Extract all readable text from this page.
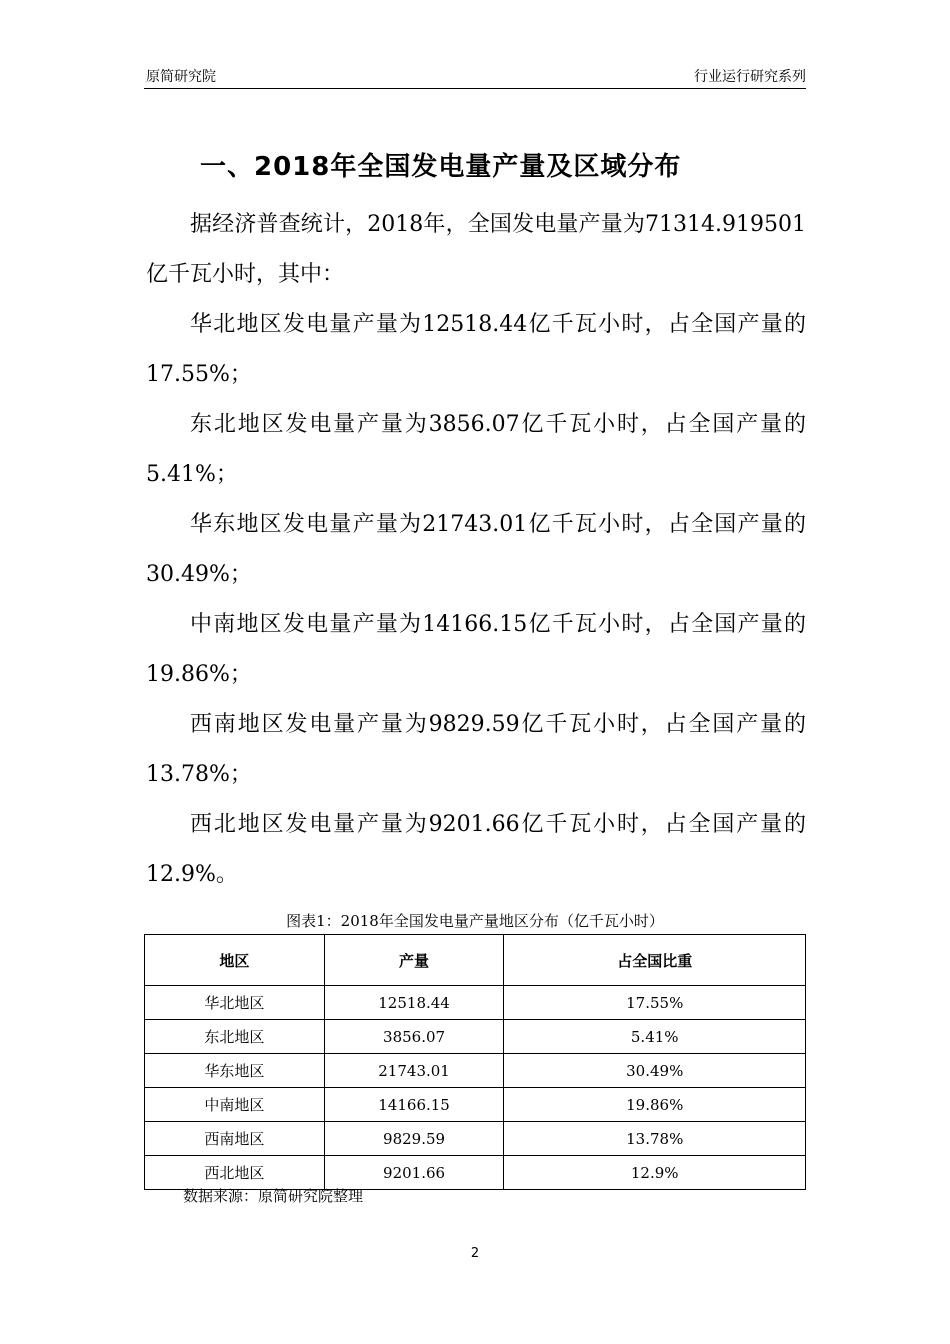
原简研究院	行业运行研究系列
一、2018年全国发电量产量及区域分布

据经济普查统计，2018年，全国发电量产量为71314.919501亿千瓦小时，其中：

华北地区发电量产量为12518.44亿千瓦小时，占全国产量的17.55%；

东北地区发电量产量为3856.07亿千瓦小时，占全国产量的5.41%；

华东地区发电量产量为21743.01亿千瓦小时，占全国产量的30.49%；

中南地区发电量产量为14166.15亿千瓦小时，占全国产量的19.86%；

西南地区发电量产量为9829.59亿千瓦小时，占全国产量的13.78%；

西北地区发电量产量为9201.66亿千瓦小时，占全国产量的12.9%。

图表1：2018年全国发电量产量地区分布（亿千瓦小时）
地区	产量	占全国比重
华北地区	12518.44	17.55%
东北地区	3856.07	5.41%
华东地区	21743.01	30.49%
中南地区	14166.15	19.86%
西南地区	9829.59	13.78%
西北地区	9201.66	12.9%
数据来源：原简研究院整理
2
